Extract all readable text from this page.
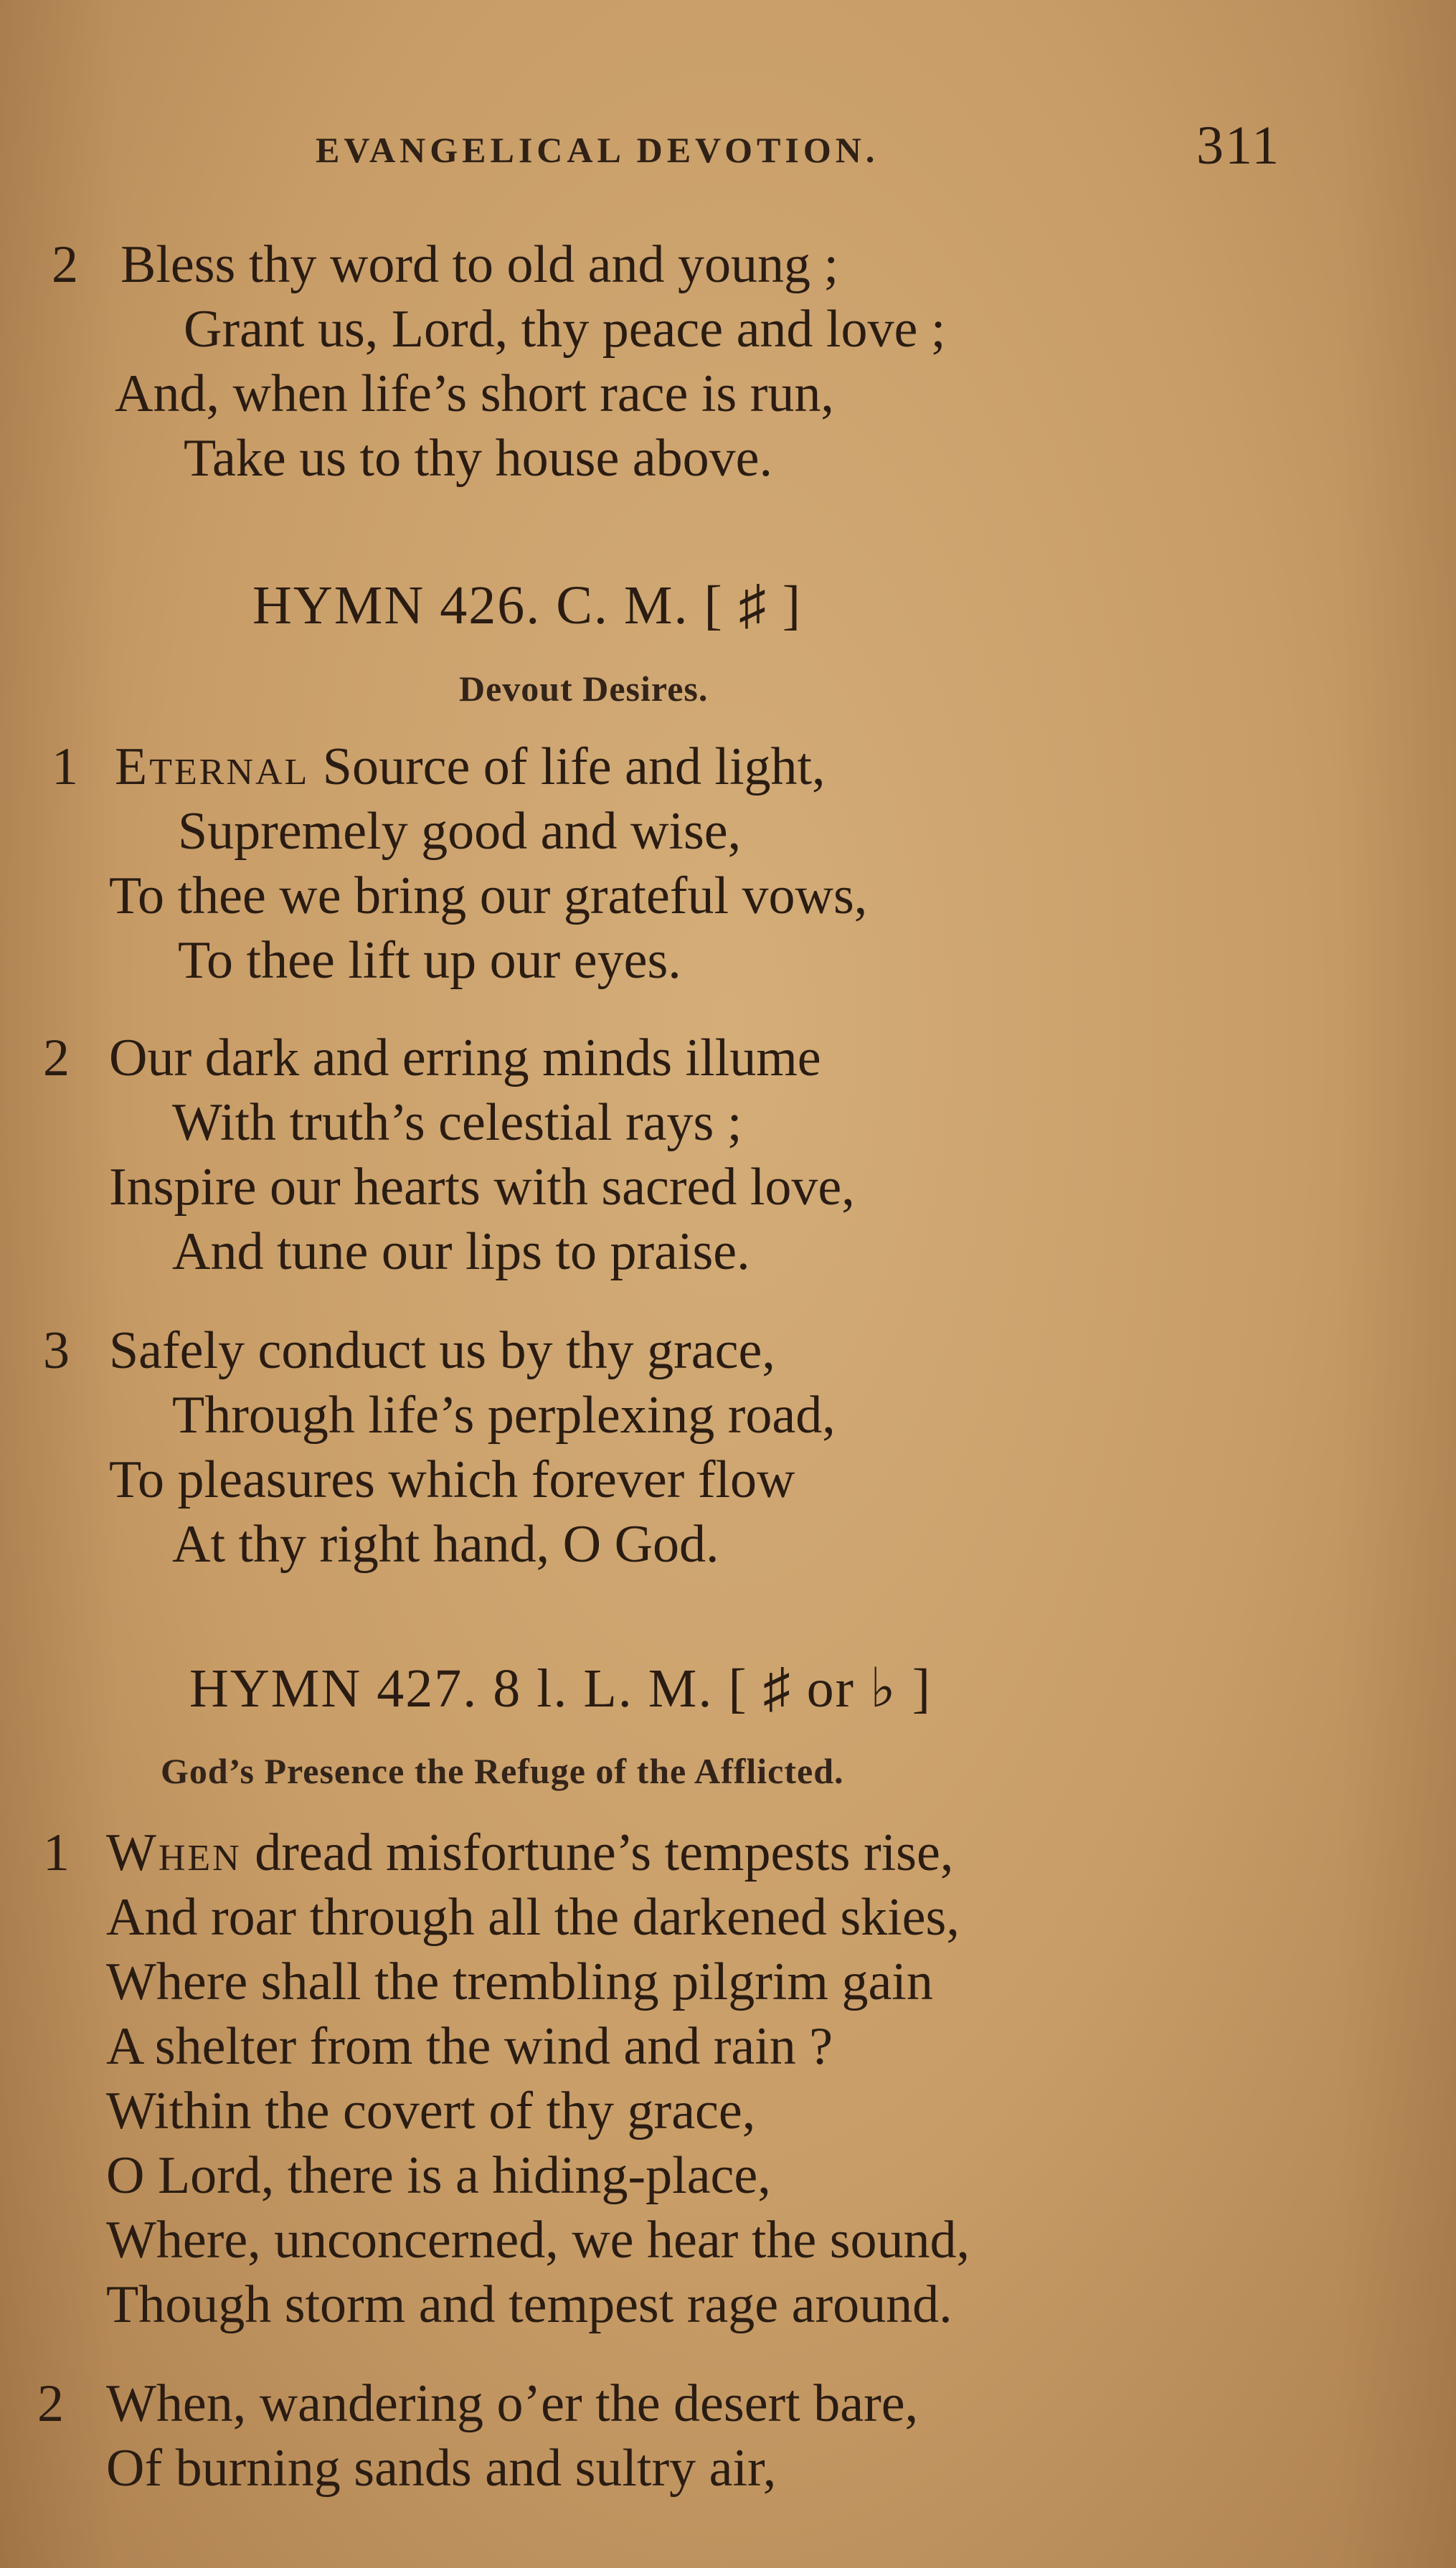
EVANGELICAL DEVOTION.	311
2 Bless thy word to old and young ;
Grant us, Lord, thy peace and love ;
And, when life’s short race is run,
Take us to thy house above.
HYMN 426. C. M. [ ♯ ]
Devout Desires.
1 Eternal Source of life and light,
Supremely good and wise,
To thee we bring our grateful vows,
To thee lift up our eyes.
2 Our dark and erring minds illume
With truth’s celestial rays ;
Inspire our hearts with sacred love,
And tune our lips to praise.
3 Safely conduct us by thy grace,
Through life’s perplexing road,
To pleasures which forever flow
At thy right hand, O God.
HYMN 427. 8 l. L. M. [ ♯ or ♭ ]
God’s Presence the Refuge of the Afflicted.
1 When dread misfortune’s tempests rise,
And roar through all the darkened skies,
Where shall the trembling pilgrim gain
A shelter from the wind and rain ?
Within the covert of thy grace,
O Lord, there is a hiding-place,
Where, unconcerned, we hear the sound,
Though storm and tempest rage around.
2 When, wandering o’er the desert bare,
Of burning sands and sultry air,
